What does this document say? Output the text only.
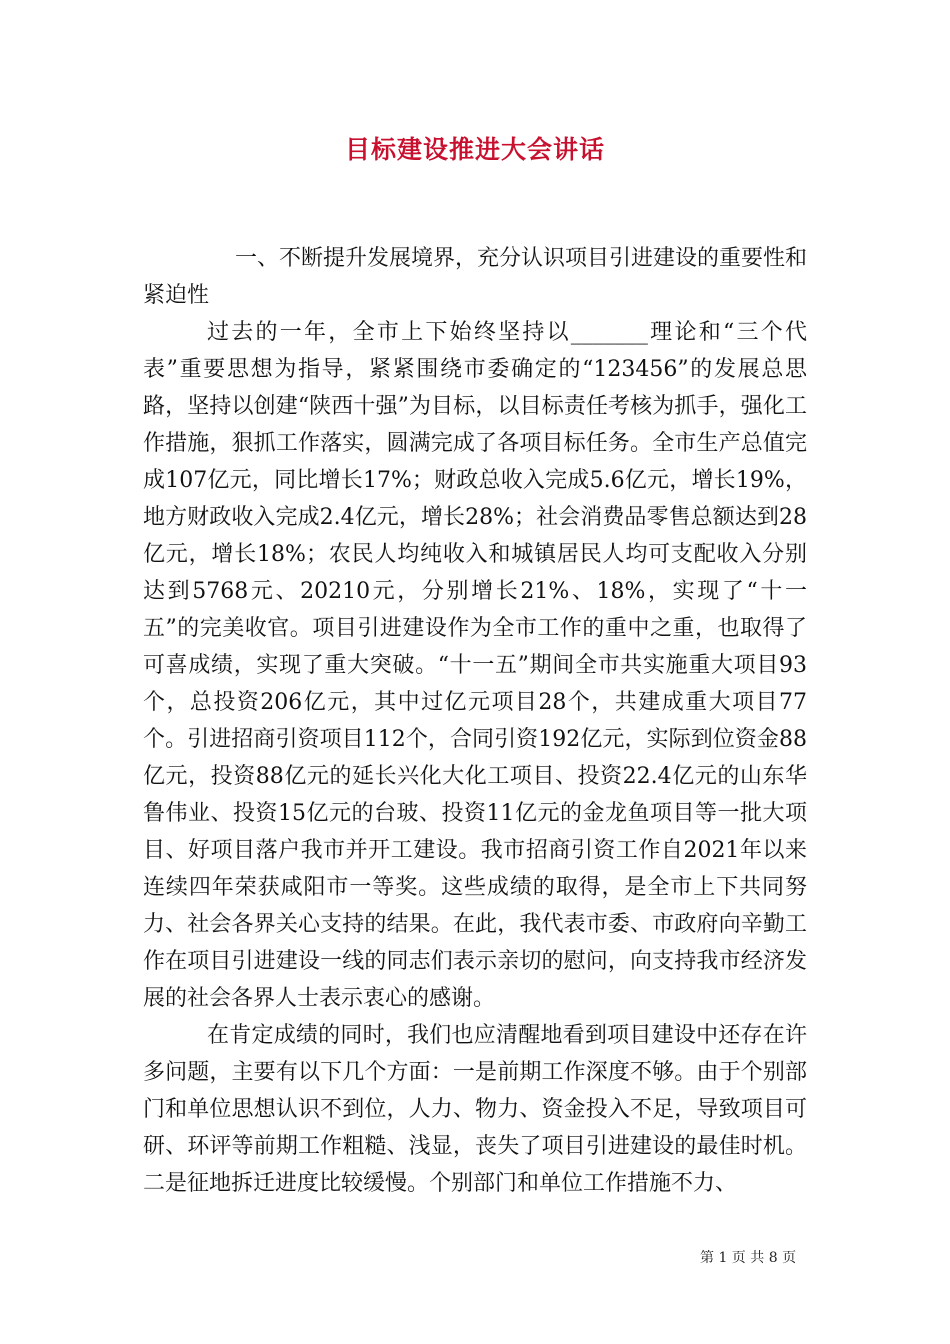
目标建设推进大会讲话

一、不断提升发展境界，充分认识项目引进建设的重要性和紧迫性

过去的一年，全市上下始终坚持以_______理论和“三个代表”重要思想为指导，紧紧围绕市委确定的“123456”的发展总思路，坚持以创建“陕西十强”为目标，以目标责任考核为抓手，强化工作措施，狠抓工作落实，圆满完成了各项目标任务。全市生产总值完成107亿元，同比增长17%；财政总收入完成5.6亿元，增长19%，地方财政收入完成2.4亿元，增长28%；社会消费品零售总额达到28亿元，增长18%；农民人均纯收入和城镇居民人均可支配收入分别达到5768元、20210元，分别增长21%、18%，实现了“十一五”的完美收官。项目引进建设作为全市工作的重中之重，也取得了可喜成绩，实现了重大突破。“十一五”期间全市共实施重大项目93个，总投资206亿元，其中过亿元项目28个，共建成重大项目77个。引进招商引资项目112个，合同引资192亿元，实际到位资金88亿元，投资88亿元的延长兴化大化工项目、投资22.4亿元的山东华鲁伟业、投资15亿元的台玻、投资11亿元的金龙鱼项目等一批大项目、好项目落户我市并开工建设。我市招商引资工作自2021年以来连续四年荣获咸阳市一等奖。这些成绩的取得，是全市上下共同努力、社会各界关心支持的结果。在此，我代表市委、市政府向辛勤工作在项目引进建设一线的同志们表示亲切的慰问，向支持我市经济发展的社会各界人士表示衷心的感谢。

在肯定成绩的同时，我们也应清醒地看到项目建设中还存在许多问题，主要有以下几个方面：一是前期工作深度不够。由于个别部门和单位思想认识不到位，人力、物力、资金投入不足，导致项目可研、环评等前期工作粗糙、浅显，丧失了项目引进建设的最佳时机。二是征地拆迁进度比较缓慢。个别部门和单位工作措施不力、

第 1 页 共 8 页
